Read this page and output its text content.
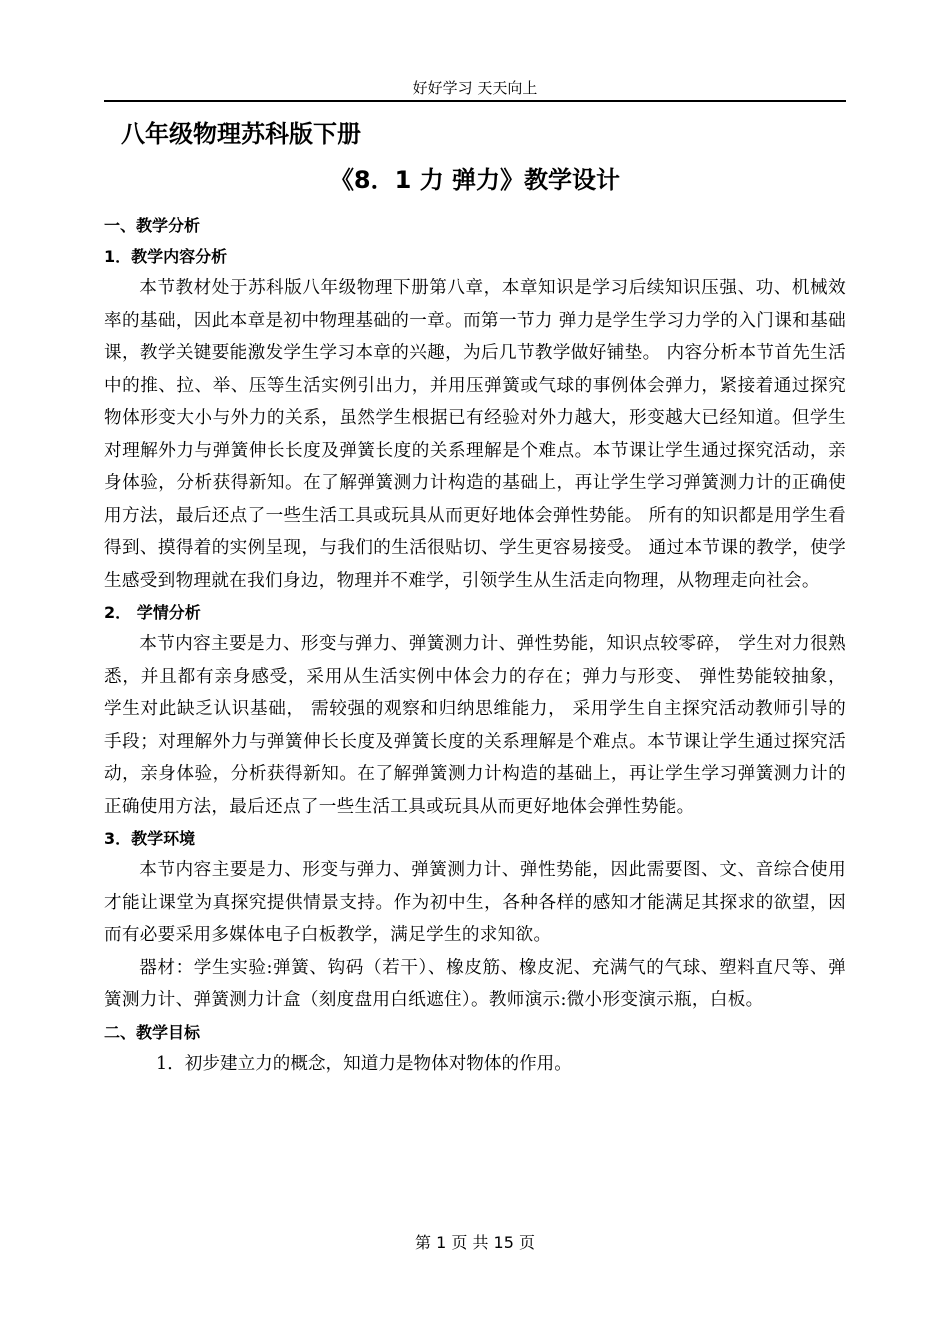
好好学习 天天向上
八年级物理苏科版下册
《8．1 力 弹力》教学设计

一、教学分析

1．教学内容分析

本节教材处于苏科版八年级物理下册第八章，本章知识是学习后续知识压强、功、机械效率的基础，因此本章是初中物理基础的一章。而第一节力 弹力是学生学习力学的入门课和基础课，教学关键要能激发学生学习本章的兴趣，为后几节教学做好铺垫。 内容分析本节首先生活中的推、拉、举、压等生活实例引出力，并用压弹簧或气球的事例体会弹力，紧接着通过探究物体形变大小与外力的关系，虽然学生根据已有经验对外力越大，形变越大已经知道。但学生对理解外力与弹簧伸长长度及弹簧长度的关系理解是个难点。本节课让学生通过探究活动，亲身体验，分析获得新知。在了解弹簧测力计构造的基础上，再让学生学习弹簧测力计的正确使用方法，最后还点了一些生活工具或玩具从而更好地体会弹性势能。 所有的知识都是用学生看得到、摸得着的实例呈现，与我们的生活很贴切、学生更容易接受。 通过本节课的教学，使学生感受到物理就在我们身边，物理并不难学，引领学生从生活走向物理，从物理走向社会。

2． 学情分析

本节内容主要是力、形变与弹力、弹簧测力计、弹性势能，知识点较零碎， 学生对力很熟悉，并且都有亲身感受，采用从生活实例中体会力的存在；弹力与形变、 弹性势能较抽象， 学生对此缺乏认识基础， 需较强的观察和归纳思维能力， 采用学生自主探究活动教师引导的手段；对理解外力与弹簧伸长长度及弹簧长度的关系理解是个难点。本节课让学生通过探究活动，亲身体验，分析获得新知。在了解弹簧测力计构造的基础上，再让学生学习弹簧测力计的正确使用方法，最后还点了一些生活工具或玩具从而更好地体会弹性势能。

3．教学环境

本节内容主要是力、形变与弹力、弹簧测力计、弹性势能，因此需要图、文、音综合使用才能让课堂为真探究提供情景支持。作为初中生，各种各样的感知才能满足其探求的欲望，因而有必要采用多媒体电子白板教学，满足学生的求知欲。

器材：学生实验:弹簧、钩码（若干）、橡皮筋、橡皮泥、充满气的气球、塑料直尺等、弹簧测力计、弹簧测力计盒（刻度盘用白纸遮住）。教师演示:微小形变演示瓶，白板。

二、教学目标

1．初步建立力的概念，知道力是物体对物体的作用。

第 1 页 共 15 页
